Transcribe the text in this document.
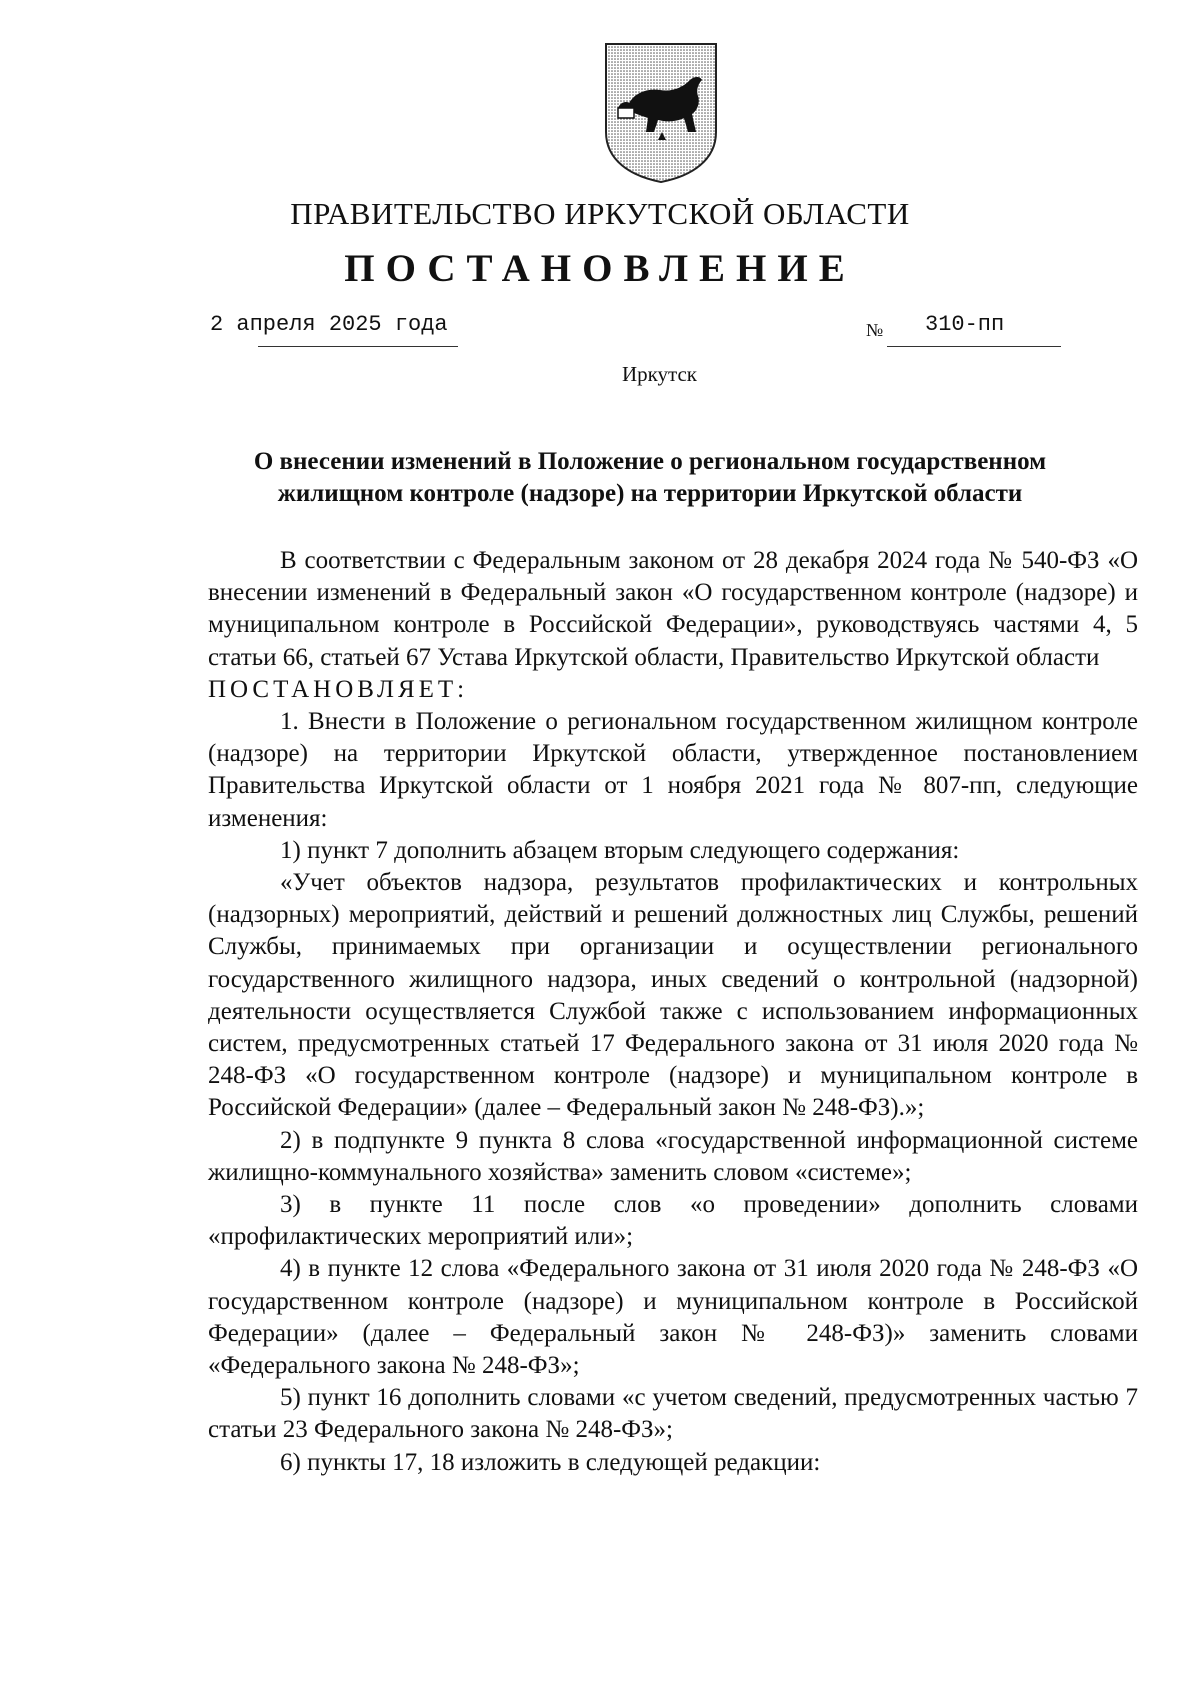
ПРАВИТЕЛЬСТВО ИРКУТСКОЙ ОБЛАСТИ
ПОСТАНОВЛЕНИЕ
2 апреля 2025 года	№ 310-пп
Иркутск
О внесении изменений в Положение о региональном государственном
жилищном контроле (надзоре) на территории Иркутской области

В соответствии с Федеральным законом от 28 декабря 2024 года № 540-ФЗ «О внесении изменений в Федеральный закон «О государственном контроле (надзоре) и муниципальном контроле в Российской Федерации», руководствуясь частями 4, 5 статьи 66, статьей 67 Устава Иркутской области, Правительство Иркутской области

ПОСТАНОВЛЯЕТ:

1. Внести в Положение о региональном государственном жилищном контроле (надзоре) на территории Иркутской области, утвержденное постановлением Правительства Иркутской области от 1 ноября 2021 года № 807-пп, следующие изменения:

1) пункт 7 дополнить абзацем вторым следующего содержания:

«Учет объектов надзора, результатов профилактических и контрольных (надзорных) мероприятий, действий и решений должностных лиц Службы, решений Службы, принимаемых при организации и осуществлении регионального государственного жилищного надзора, иных сведений о контрольной (надзорной) деятельности осуществляется Службой также с использованием информационных систем, предусмотренных статьей 17 Федерального закона от 31 июля 2020 года № 248-ФЗ «О государственном контроле (надзоре) и муниципальном контроле в Российской Федерации» (далее – Федеральный закон № 248-ФЗ).»;

2) в подпункте 9 пункта 8 слова «государственной информационной системе жилищно-коммунального хозяйства» заменить словом «системе»;

3) в пункте 11 после слов «о проведении» дополнить словами «профилактических мероприятий или»;

4) в пункте 12 слова «Федерального закона от 31 июля 2020 года № 248-ФЗ «О государственном контроле (надзоре) и муниципальном контроле в Российской Федерации» (далее – Федеральный закон № 248-ФЗ)» заменить словами «Федерального закона № 248-ФЗ»;

5) пункт 16 дополнить словами «с учетом сведений, предусмотренных частью 7 статьи 23 Федерального закона № 248-ФЗ»;

6) пункты 17, 18 изложить в следующей редакции:
